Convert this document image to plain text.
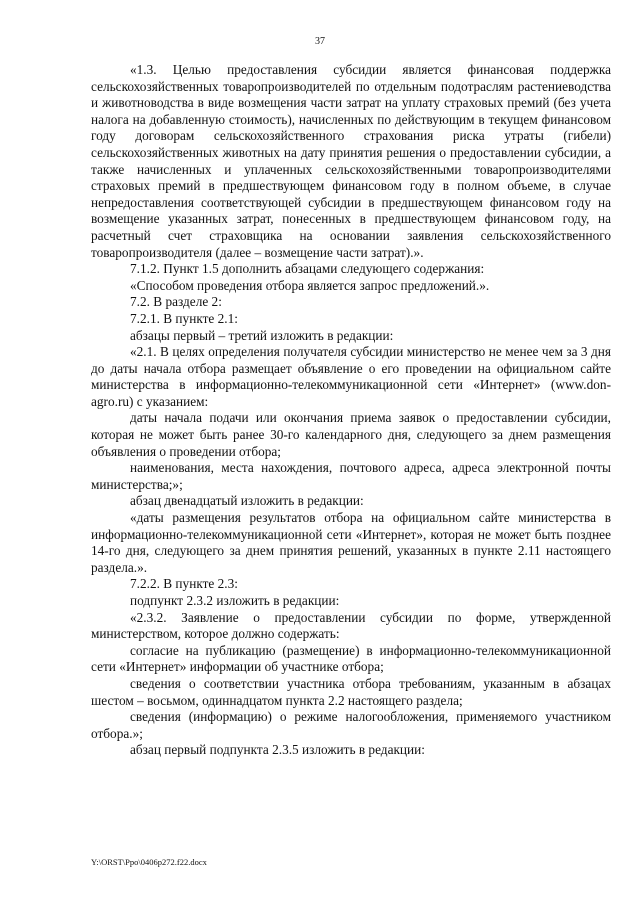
37

«1.3. Целью предоставления субсидии является финансовая поддержка сельскохозяйственных товаропроизводителей по отдельным подотраслям растениеводства и животноводства в виде возмещения части затрат на уплату страховых премий (без учета налога на добавленную стоимость), начисленных по действующим в текущем финансовом году договорам сельскохозяйственного страхования риска утраты (гибели) сельскохозяйственных животных на дату принятия решения о предоставлении субсидии, а также начисленных и уплаченных сельскохозяйственными товаропроизводителями страховых премий в предшествующем финансовом году в полном объеме, в случае непредоставления соответствующей субсидии в предшествующем финансовом году на возмещение указанных затрат, понесенных в предшествующем финансовом году, на расчетный счет страховщика на основании заявления сельскохозяйственного товаропроизводителя (далее – возмещение части затрат).».

7.1.2. Пункт 1.5 дополнить абзацами следующего содержания:

«Способом проведения отбора является запрос предложений.».

7.2. В разделе 2:

7.2.1. В пункте 2.1:

абзацы первый – третий изложить в редакции:

«2.1. В целях определения получателя субсидии министерство не менее чем за 3 дня до даты начала отбора размещает объявление о его проведении на официальном сайте министерства в информационно-телекоммуникационной сети «Интернет» (www.don-agro.ru) с указанием:

даты начала подачи или окончания приема заявок о предоставлении субсидии, которая не может быть ранее 30-го календарного дня, следующего за днем размещения объявления о проведении отбора;

наименования, места нахождения, почтового адреса, адреса электронной почты министерства;»;

абзац двенадцатый изложить в редакции:

«даты размещения результатов отбора на официальном сайте министерства в информационно-телекоммуникационной сети «Интернет», которая не может быть позднее 14-го дня, следующего за днем принятия решений, указанных в пункте 2.11 настоящего раздела.».

7.2.2. В пункте 2.3:

подпункт 2.3.2 изложить в редакции:

«2.3.2. Заявление о предоставлении субсидии по форме, утвержденной министерством, которое должно содержать:

согласие на публикацию (размещение) в информационно-телекоммуникационной сети «Интернет» информации об участнике отбора;

сведения о соответствии участника отбора требованиям, указанным в абзацах шестом – восьмом, одиннадцатом пункта 2.2 настоящего раздела;

сведения (информацию) о режиме налогообложения, применяемого участником отбора.»;

абзац первый подпункта 2.3.5 изложить в редакции:

Y:\ORST\Ppo\0406p272.f22.docx
